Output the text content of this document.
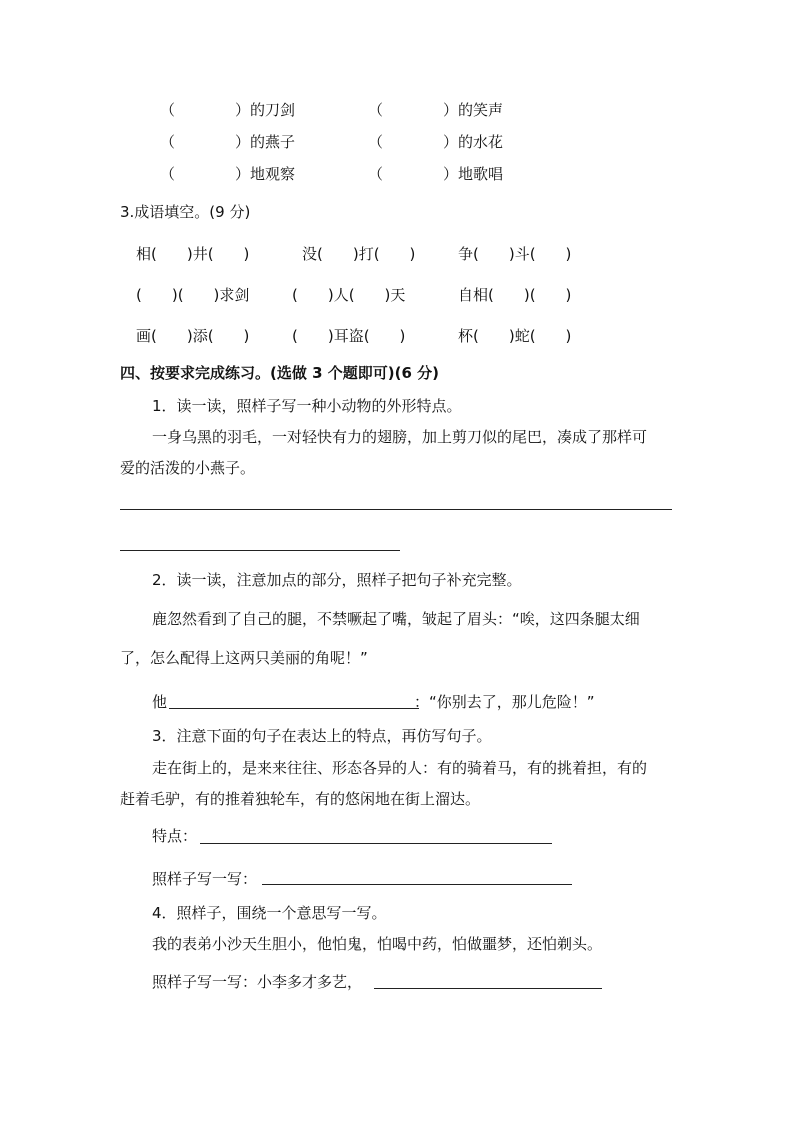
（　　　　）的刀剑	（　　　　）的笑声
（　　　　）的燕子	（　　　　）的水花
（　　　　）地观察	（　　　　）地歌唱
3.成语填空。(9 分)
相(　　)井(　　)	没(　　)打(　　)	争(　　)斗(　　)
(　　)(　　)求剑	(　　)人(　　)天	自相(　　)(　　)
画(　　)添(　　)	(　　)耳盗(　　)	杯(　　)蛇(　　)
四、按要求完成练习。(选做 3 个题即可)(6 分)
1．读一读，照样子写一种小动物的外形特点。
一身乌黑的羽毛，一对轻快有力的翅膀，加上剪刀似的尾巴，凑成了那样可
爱的活泼的小燕子。
2．读一读，注意加点的部分，照样子把句子补充完整。
鹿忽然看到了自己的腿，不禁噘起了嘴，皱起了眉头：“唉，这四条腿太细
了，怎么配得上这两只美丽的角呢！”
他	：“你别去了，那儿危险！”
3．注意下面的句子在表达上的特点，再仿写句子。
走在街上的，是来来往往、形态各异的人：有的骑着马，有的挑着担，有的
赶着毛驴，有的推着独轮车，有的悠闲地在街上溜达。
特点：
照样子写一写：
4．照样子，围绕一个意思写一写。
我的表弟小沙天生胆小，他怕鬼，怕喝中药，怕做噩梦，还怕剃头。
照样子写一写：小李多才多艺，
